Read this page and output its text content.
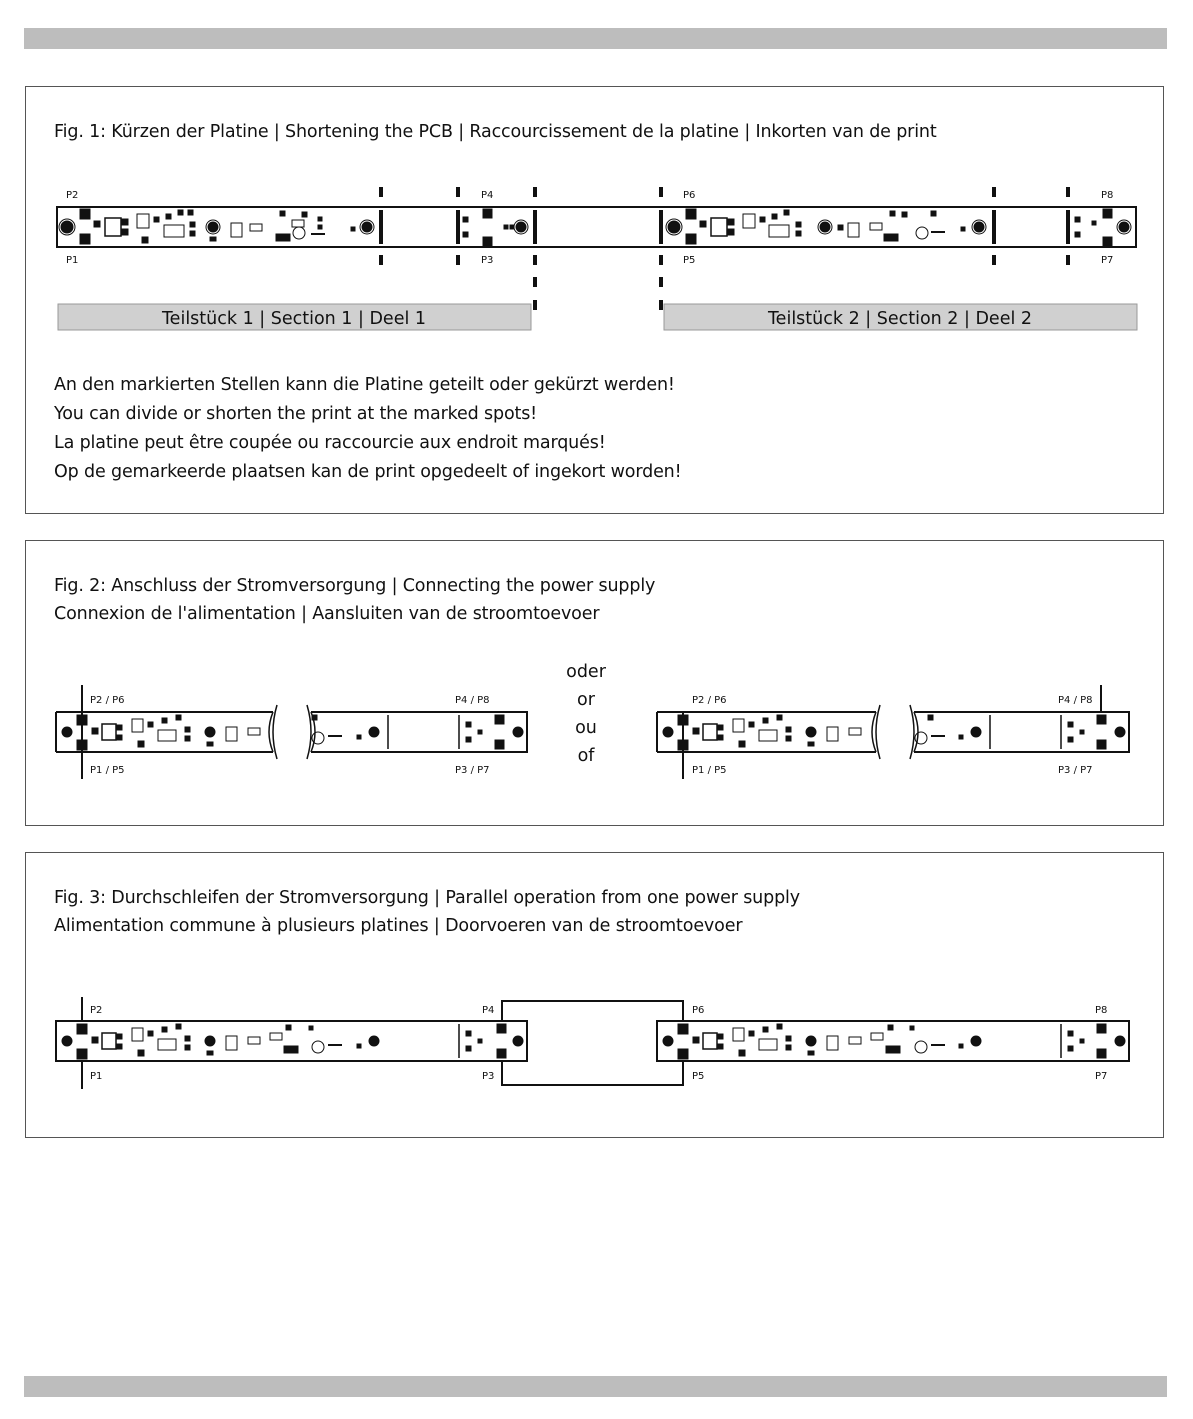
Fig. 1: Kürzen der Platine | Shortening the PCB | Raccourcissement de la platine | Inkorten van de print
P2
P1
P4
P3
P6
P5
P8
P7
Teilstück 1 | Section 1 | Deel 1	Teilstück 2 | Section 2 | Deel 2
An den markierten Stellen kann die Platine geteilt oder gekürzt werden!
You can divide or shorten the print at the marked spots!
La platine peut être coupée ou raccourcie aux endroit marqués!
Op de gemarkeerde plaatsen kan de print opgedeelt of ingekort worden!
Fig. 2: Anschluss der Stromversorgung | Connecting the power supply
Connexion de l'alimentation | Aansluiten van de stroomtoevoer
P2 / P6
P1 / P5
P4 / P8
P3 / P7
P2 / P6
P1 / P5
P4 / P8
P3 / P7
oder
or
ou
of
Fig. 3: Durchschleifen der Stromversorgung | Parallel operation from one power supply
Alimentation commune à plusieurs platines | Doorvoeren van de stroomtoevoer
P2
P1
P4
P3
P6
P5
P8
P7
